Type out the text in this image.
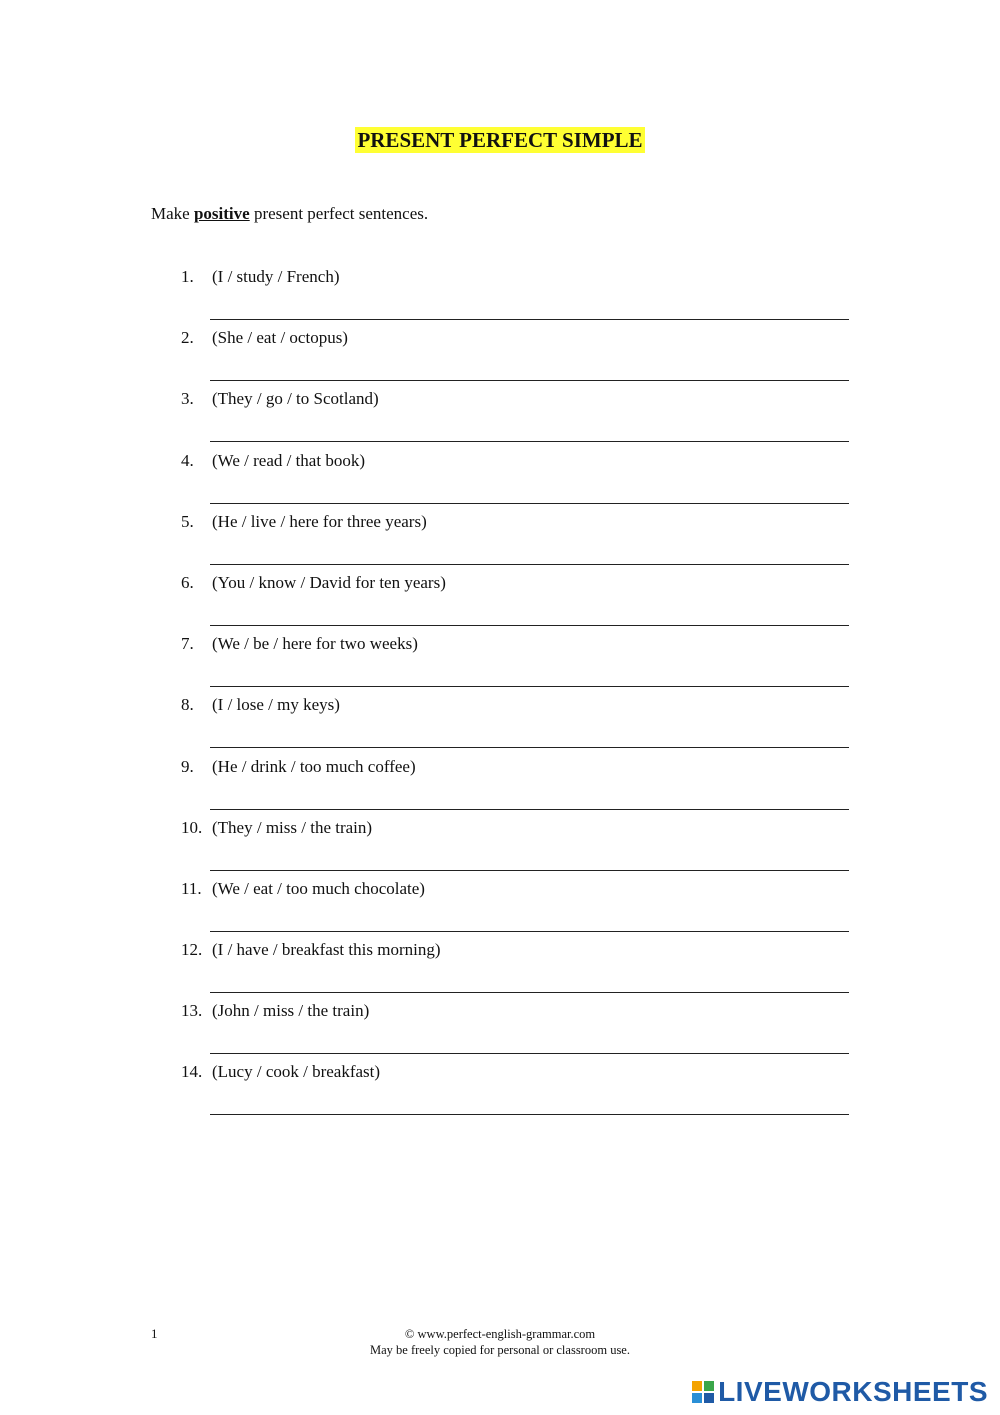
PRESENT PERFECT SIMPLE
Make positive present perfect sentences.
1. (I / study / French)
2. (She / eat / octopus)
3. (They / go / to Scotland)
4. (We / read / that book)
5. (He / live / here for three years)
6. (You / know / David for ten years)
7. (We / be / here for two weeks)
8. (I / lose / my keys)
9. (He / drink / too much coffee)
10. (They / miss / the train)
11. (We / eat / too much chocolate)
12. (I / have / breakfast this morning)
13. (John / miss / the train)
14. (Lucy / cook / breakfast)
1	© www.perfect-english-grammar.com
May be freely copied for personal or classroom use.
LIVEWORKSHEETS
